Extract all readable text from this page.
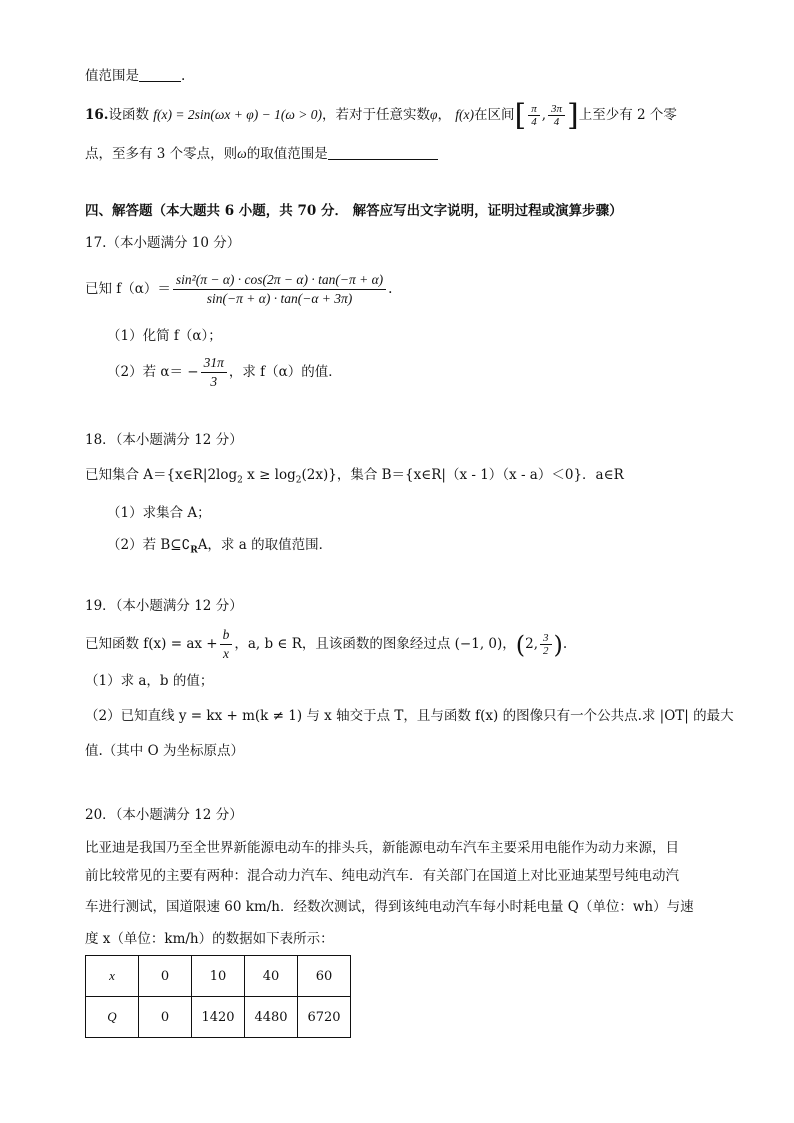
值范围是	.
16.设函数 f(x) = 2sin(ωx + φ) − 1(ω > 0)，若对于任意实数φ， f(x)在区间[ $\frac{\pi}{4}$ , $\frac{3\pi}{4}$ ]上至少有 2 个零
点，至多有 3 个零点，则ω的取值范围是
四、解答题（本大题共 6 小题，共 70 分． 解答应写出文字说明，证明过程或演算步骤）
17.（本小题满分 10 分）
已知 $f(\alpha)= \frac{\text{sin²(π − α) · cos(2π − α) · tan(−π + α)}}{\sin(-\pi + \alpha) \cdot \tan(-\alpha + 3\pi)}$ .
（1）化简 f（α）；
（2）若 $\alpha= - \frac{31\pi}{3}$ ，求 f（α）的值．
18．（本小题满分 12 分）
已知集合 $A=\{x\in R|2\log_2$ $x \ge \log_2(2x)$}，集合 B＝{x∈R|（x - 1）（x - a）＜0}．a∈R
（1）求集合 A；
（2）若 $B⊆∁_RA$，求 a 的取值范围．
19．（本小题满分 12 分）
已知函数 f(x) = ax + $\frac{b}{x}$ ，a, b ∈ R，且该函数的图象经过点 (−1, 0)，(2, $\frac{3}{2}$ ).
（1）求 a，b 的值；
（2）已知直线 y = kx + m(k ≠ 1) 与 x 轴交于点 T，且与函数 f(x) 的图像只有一个公共点.求 |OT| 的最大
值.（其中 O 为坐标原点）
20．（本小题满分 12 分）
比亚迪是我国乃至全世界新能源电动车的排头兵，新能源电动车汽车主要采用电能作为动力来源，目
前比较常见的主要有两种：混合动力汽车、纯电动汽车．有关部门在国道上对比亚迪某型号纯电动汽
车进行测试，国道限速 60 km/h．经数次测试，得到该纯电动汽车每小时耗电量 Q（单位：wh）与速
度 x（单位：km/h）的数据如下表所示：
x	0	10	40	60
Q	0	1420	4480	6720
